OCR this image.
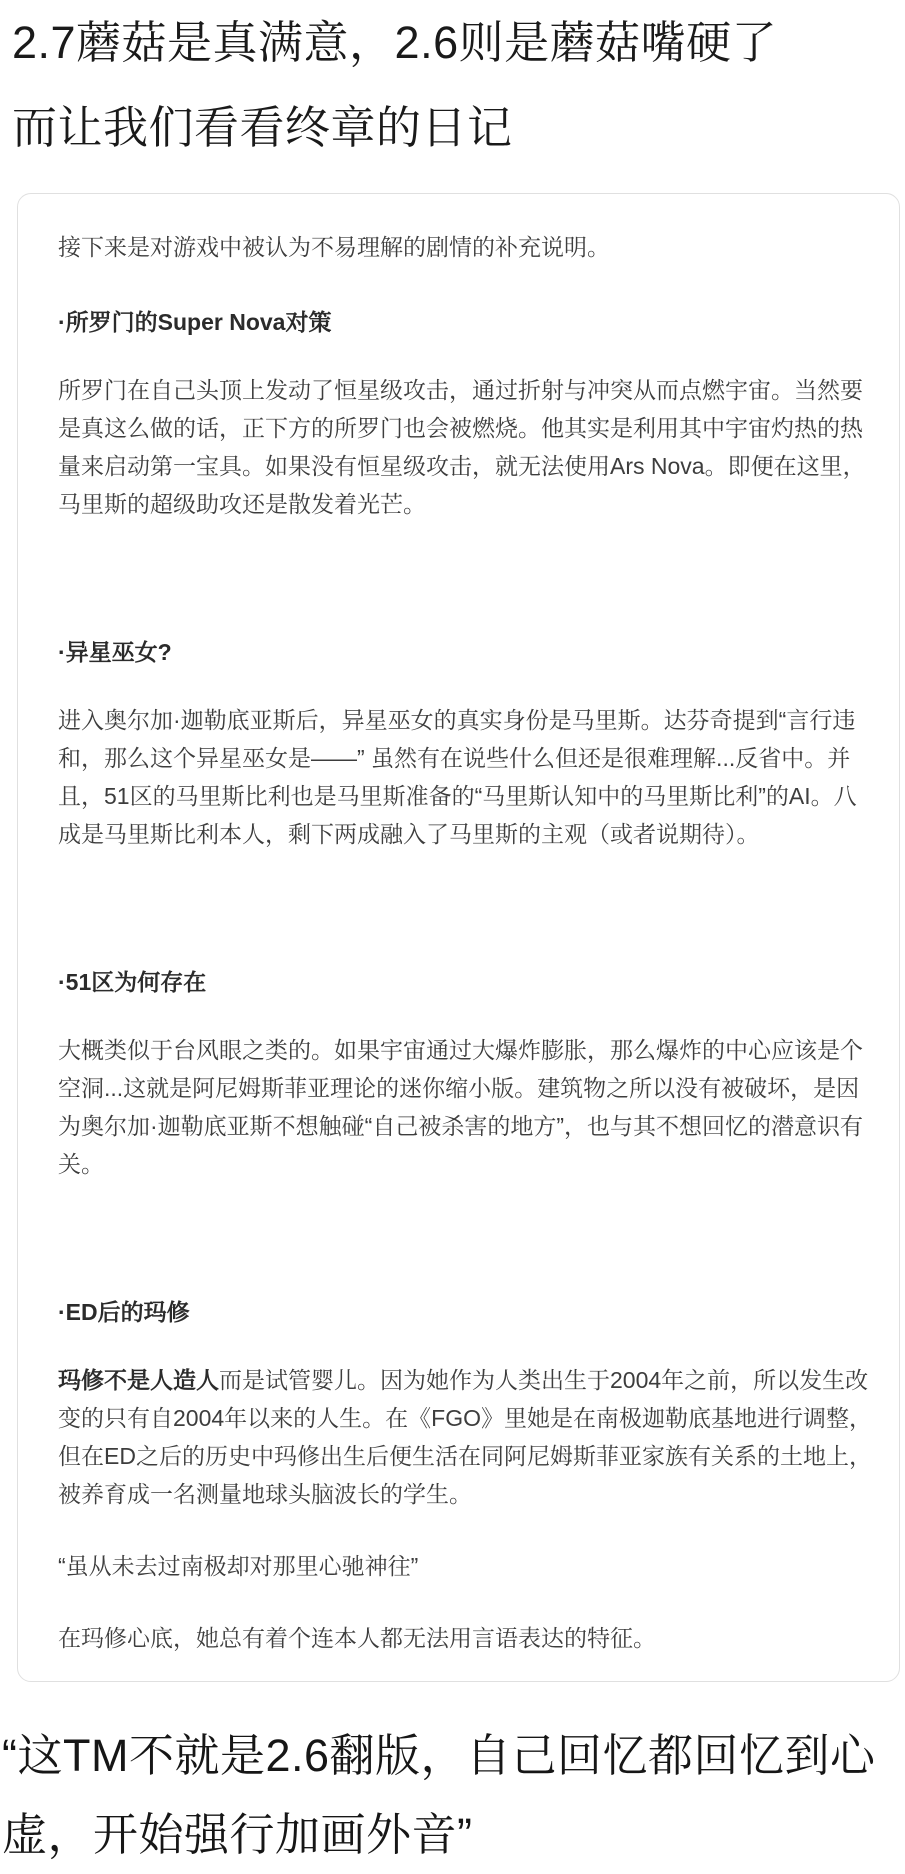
2.7蘑菇是真满意，2.6则是蘑菇嘴硬了
而让我们看看终章的日记

接下来是对游戏中被认为不易理解的剧情的补充说明。

·所罗门的Super Nova对策

所罗门在自己头顶上发动了恒星级攻击，通过折射与冲突从而点燃宇宙。当然要是真这么做的话，正下方的所罗门也会被燃烧。他其实是利用其中宇宙灼热的热量来启动第一宝具。如果没有恒星级攻击，就无法使用Ars Nova。即便在这里，马里斯的超级助攻还是散发着光芒。

·异星巫女?

进入奥尔加·迦勒底亚斯后，异星巫女的真实身份是马里斯。达芬奇提到“言行违和，那么这个异星巫女是——” 虽然有在说些什么但还是很难理解...反省中。并且，51区的马里斯比利也是马里斯准备的“马里斯认知中的马里斯比利”的AI。八成是马里斯比利本人，剩下两成融入了马里斯的主观（或者说期待）。

·51区为何存在

大概类似于台风眼之类的。如果宇宙通过大爆炸膨胀，那么爆炸的中心应该是个空洞...这就是阿尼姆斯菲亚理论的迷你缩小版。建筑物之所以没有被破坏，是因为奥尔加·迦勒底亚斯不想触碰“自己被杀害的地方”，也与其不想回忆的潜意识有关。

·ED后的玛修

玛修不是人造人而是试管婴儿。因为她作为人类出生于2004年之前，所以发生改变的只有自2004年以来的人生。在《FGO》里她是在南极迦勒底基地进行调整，但在ED之后的历史中玛修出生后便生活在同阿尼姆斯菲亚家族有关系的土地上，被养育成一名测量地球头脑波长的学生。

“虽从未去过南极却对那里心驰神往”

在玛修心底，她总有着个连本人都无法用言语表达的特征。

“这TM不就是2.6翻版，自己回忆都回忆到心虚，开始强行加画外音”
